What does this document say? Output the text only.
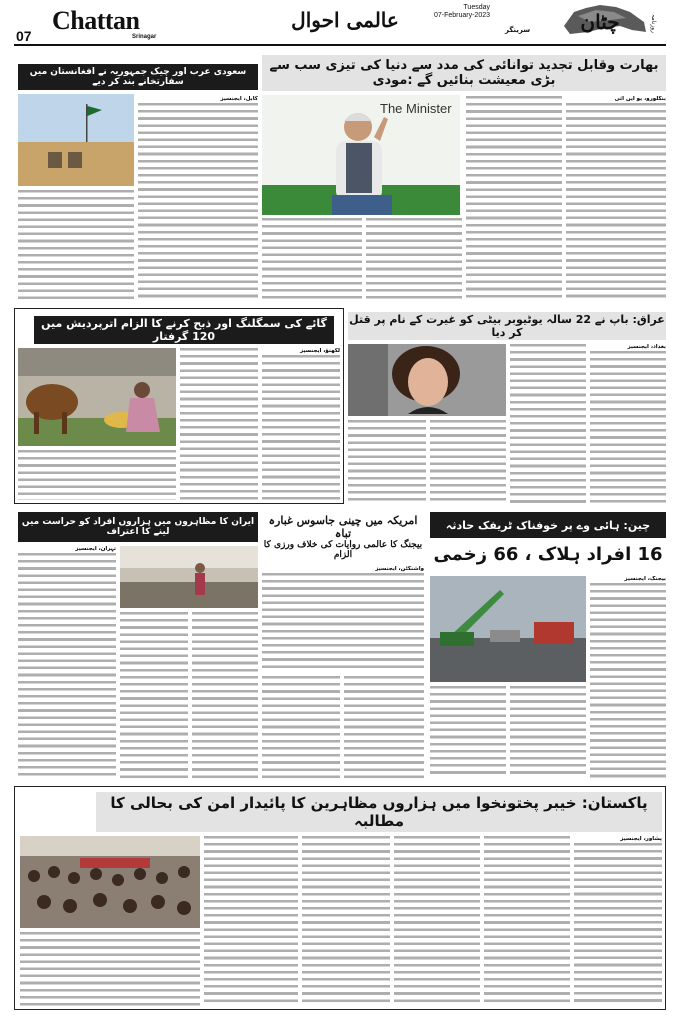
07
Chattan
Srinagar
عالمی احوال
Tuesday
07-February-2023
سرینگر	چٹان	روزنامہ
بھارت وقابل تجدید توانائی کی مدد سے دنیا کی تیزی سب سے بڑی معیشت بنائیں گے :مودی
The Minister
بنگلورو، یو این آئی
سعودی عرب اور چیک جمہوریہ نے افغانستان میں سفارتخانے بند کر دیے
کابل، ایجنسیز
گائے کی سمگلنگ اور ذبح کرنے کا الزام اترپردیش میں 120 گرفتار
لکھنؤ، ایجنسیز
عراق: باپ نے 22 سالہ یوٹیوبر بیٹی کو غیرت کے نام پر قتل کر دیا
بغداد، ایجنسیز
ایران کا مظاہروں میں ہزاروں افراد کو حراست میں لینے کا اعتراف
تہران، ایجنسیز
امریکہ میں چینی جاسوس غبارہ تباہ
بیجنگ کا عالمی روایات کی خلاف ورزی کا الزام
واشنگٹن، ایجنسیز
چین: ہائی وے پر خوفناک ٹریفک حادثہ
16 افراد ہلاک ، 66 زخمی
بیجنگ، ایجنسیز
پاکستان: خیبر پختونخوا میں ہزاروں مظاہرین کا پائیدار امن کی بحالی کا مطالبہ
پشاور، ایجنسیز
